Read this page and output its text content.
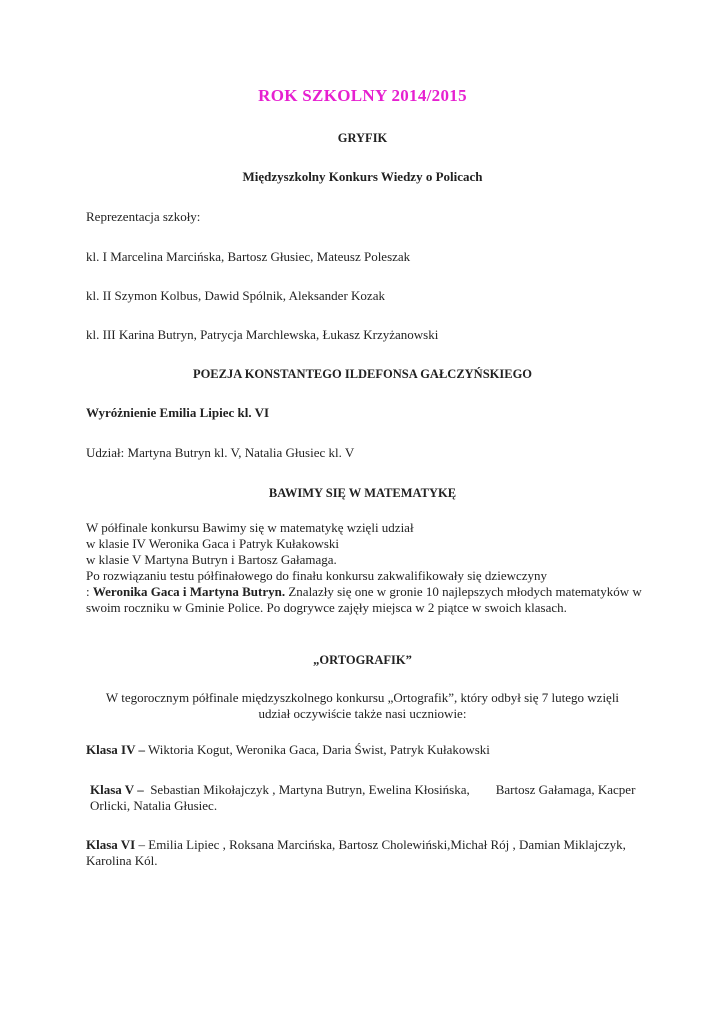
ROK SZKOLNY 2014/2015
GRYFIK
Międzyszkolny Konkurs Wiedzy o Policach
Reprezentacja szkoły:
kl. I Marcelina Marcińska, Bartosz Głusiec, Mateusz Poleszak
kl. II Szymon Kolbus, Dawid Spólnik, Aleksander Kozak
kl. III Karina Butryn, Patrycja Marchlewska, Łukasz Krzyżanowski
POEZJA KONSTANTEGO ILDEFONSA GAŁCZYŃSKIEGO
Wyróżnienie Emilia Lipiec kl. VI
Udział: Martyna Butryn kl. V, Natalia Głusiec kl. V
BAWIMY SIĘ W MATEMATYKĘ
W półfinale konkursu Bawimy się w matematykę wzięli udział
w klasie IV Weronika Gaca i Patryk Kułakowski
w klasie V Martyna Butryn i Bartosz Gałamaga.
Po rozwiązaniu testu półfinałowego do finału konkursu zakwalifikowały się dziewczyny
: Weronika Gaca i Martyna Butryn. Znalazły się one w gronie 10 najlepszych młodych matematyków w swoim roczniku w Gminie Police. Po dogrywce zajęły miejsca w 2 piątce w swoich klasach.
„ORTOGRAFIK”
W tegorocznym półfinale międzyszkolnego konkursu „Ortografik”, który odbył się 7 lutego wzięli
udział oczywiście także nasi uczniowie:
Klasa IV – Wiktoria Kogut, Weronika Gaca, Daria Świst, Patryk Kułakowski
Klasa V –  Sebastian Mikołajczyk , Martyna Butryn, Ewelina Kłosińska,        Bartosz Gałamaga, Kacper Orlicki, Natalia Głusiec.
Klasa VI – Emilia Lipiec , Roksana Marcińska, Bartosz Cholewiński,Michał Rój , Damian Miklajczyk, Karolina Kól.
